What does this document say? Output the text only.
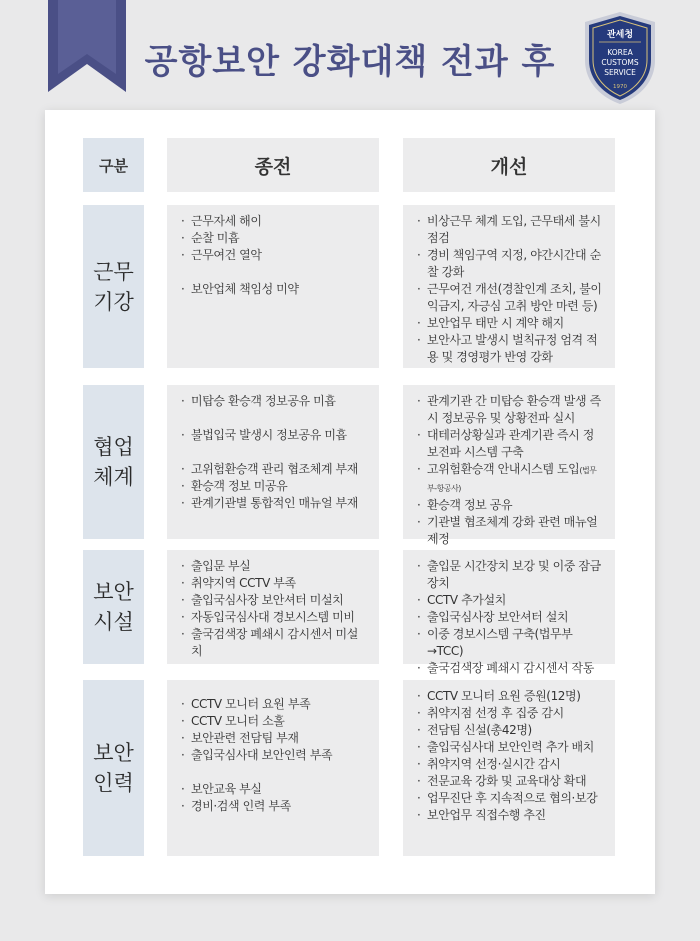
공항보안 강화대책 전과 후
관세청
KOREA
CUSTOMS
SERVICE
1970
구분	종전	개선
근무
기강
· 근무자세 해이
· 순찰 미흡
· 근무여건 열악
· 보안업체 책임성 미약
· 비상근무 체계 도입, 근무태세 불시 점검
· 경비 책임구역 지정, 야간시간대 순찰 강화
· 근무여건 개선(경찰인계 조치, 불이익금지, 자긍심 고취 방안 마련 등)
· 보안업무 태만 시 계약 해지
· 보안사고 발생시 벌칙규정 엄격 적용 및 경영평가 반영 강화
협업
체계
· 미탑승 환승객 정보공유 미흡
· 불법입국 발생시 정보공유 미흡
· 고위험환승객 관리 협조체계 부재
· 환승객 정보 미공유
· 관계기관별 통합적인 매뉴얼 부재
· 관계기관 간 미탑승 환승객 발생 즉시 정보공유 및 상황전파 실시
· 대테러상황실과 관계기관 즉시 정보전파 시스템 구축
· 고위험환승객 안내시스템 도입(법무부-항공사)
· 환승객 정보 공유
· 기관별 협조체계 강화 관련 매뉴얼 제정
보안
시설
· 출입문 부실
· 취약지역 CCTV 부족
· 출입국심사장 보안셔터 미설치
· 자동입국심사대 경보시스템 미비
· 출국검색장 폐쇄시 감시센서 미설치
· 출입문 시간장치 보강 및 이중 잠금장치
· CCTV 추가설치
· 출입국심사장 보안셔터 설치
· 이중 경보시스템 구축(법무부 →TCC)
· 출국검색장 폐쇄시 감시센서 작동
보안
인력
· CCTV 모니터 요원 부족
· CCTV 모니터 소홀
· 보안관련 전담팀 부재
· 출입국심사대 보안인력 부족
· 보안교육 부실
· 경비·검색 인력 부족
· CCTV 모니터 요원 증원(12명)
· 취약지점 선정 후 집중 감시
· 전담팀 신설(총42명)
· 출입국심사대 보안인력 추가 배치
· 취약지역 선정·실시간 감시
· 전문교육 강화 및 교육대상 확대
· 업무진단 후 지속적으로 협의·보강
· 보안업무 직접수행 추진
